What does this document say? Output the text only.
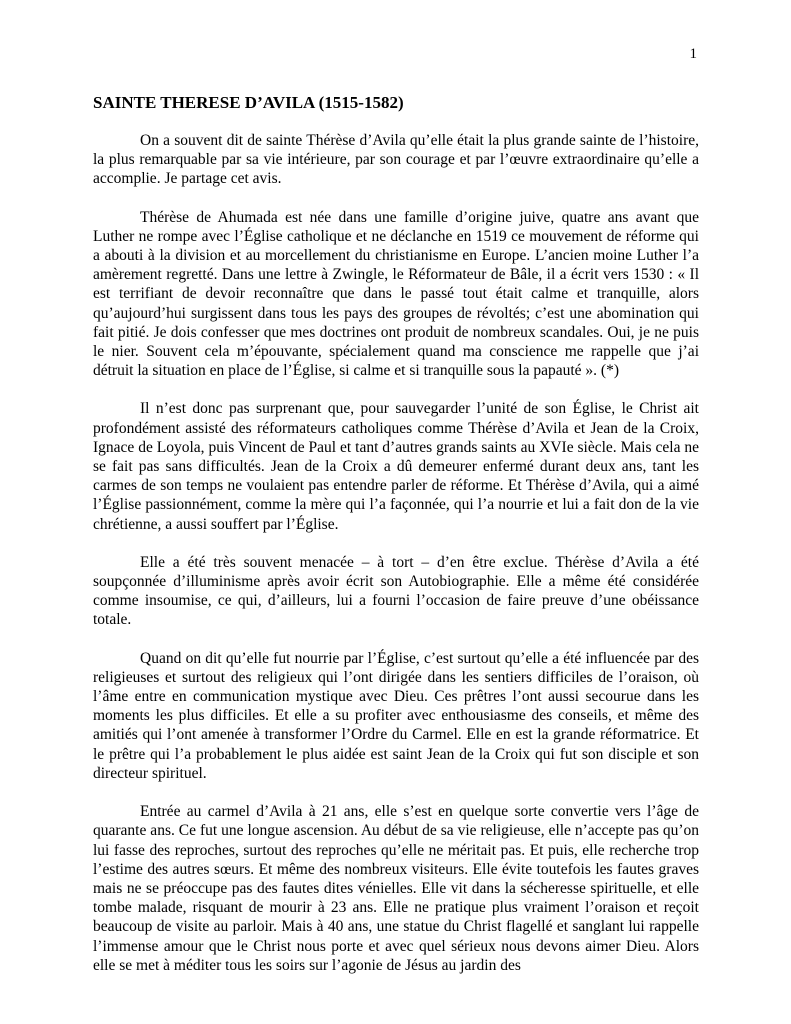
1
SAINTE THERESE D’AVILA (1515-1582)

On a souvent dit de sainte Thérèse d’Avila qu’elle était la plus grande sainte de l’histoire, la plus remarquable par sa vie intérieure, par son courage et par l’œuvre extraordinaire qu’elle a accomplie. Je partage cet avis.

Thérèse de Ahumada est née dans une famille d’origine juive, quatre ans avant que Luther ne rompe avec l’Église catholique et ne déclanche en 1519 ce mouvement de réforme qui a abouti à la division et au morcellement du christianisme en Europe. L’ancien moine Luther l’a amèrement regretté. Dans une lettre à Zwingle, le Réformateur de Bâle, il a écrit vers 1530 : « Il est terrifiant de devoir reconnaître que dans le passé tout était calme et tranquille, alors qu’aujourd’hui surgissent dans tous les pays des groupes de révoltés; c’est une abomination qui fait pitié. Je dois confesser que mes doctrines ont produit de nombreux scandales. Oui, je ne puis le nier. Souvent cela m’épouvante, spécialement quand ma conscience me rappelle que j’ai détruit la situation en place de l’Église, si calme et si tranquille sous la papauté ». (*)

Il n’est donc pas surprenant que, pour sauvegarder l’unité de son Église, le Christ ait profondément assisté des réformateurs catholiques comme Thérèse d’Avila et Jean de la Croix, Ignace de Loyola, puis Vincent de Paul et tant d’autres grands saints au XVIe siècle. Mais cela ne se fait pas sans difficultés. Jean de la Croix a dû demeurer enfermé durant deux ans, tant les carmes de son temps ne voulaient pas entendre parler de réforme. Et Thérèse d’Avila, qui a aimé l’Église passionnément, comme la mère qui l’a façonnée, qui l’a nourrie et lui a fait don de la vie chrétienne, a aussi souffert par l’Église.

Elle a été très souvent menacée – à tort – d’en être exclue. Thérèse d’Avila a été soupçonnée d’illuminisme après avoir écrit son Autobiographie. Elle a même été considérée comme insoumise, ce qui, d’ailleurs, lui a fourni l’occasion de faire preuve d’une obéissance totale.

Quand on dit qu’elle fut nourrie par l’Église, c’est surtout qu’elle a été influencée par des religieuses et surtout des religieux qui l’ont dirigée dans les sentiers difficiles de l’oraison, où l’âme entre en communication mystique avec Dieu. Ces prêtres l’ont aussi secourue dans les moments les plus difficiles. Et elle a su profiter avec enthousiasme des conseils, et même des amitiés qui l’ont amenée à transformer l’Ordre du Carmel. Elle en est la grande réformatrice. Et le prêtre qui l’a probablement le plus aidée est saint Jean de la Croix qui fut son disciple et son directeur spirituel.

Entrée au carmel d’Avila à 21 ans, elle s’est en quelque sorte convertie vers l’âge de quarante ans. Ce fut une longue ascension. Au début de sa vie religieuse, elle n’accepte pas qu’on lui fasse des reproches, surtout des reproches qu’elle ne méritait pas. Et puis, elle recherche trop l’estime des autres sœurs. Et même des nombreux visiteurs. Elle évite toutefois les fautes graves mais ne se préoccupe pas des fautes dites vénielles. Elle vit dans la sécheresse spirituelle, et elle tombe malade, risquant de mourir à 23 ans. Elle ne pratique plus vraiment l’oraison et reçoit beaucoup de visite au parloir. Mais à 40 ans, une statue du Christ flagellé et sanglant lui rappelle l’immense amour que le Christ nous porte et avec quel sérieux nous devons aimer Dieu. Alors elle se met à méditer tous les soirs sur l’agonie de Jésus au jardin des
